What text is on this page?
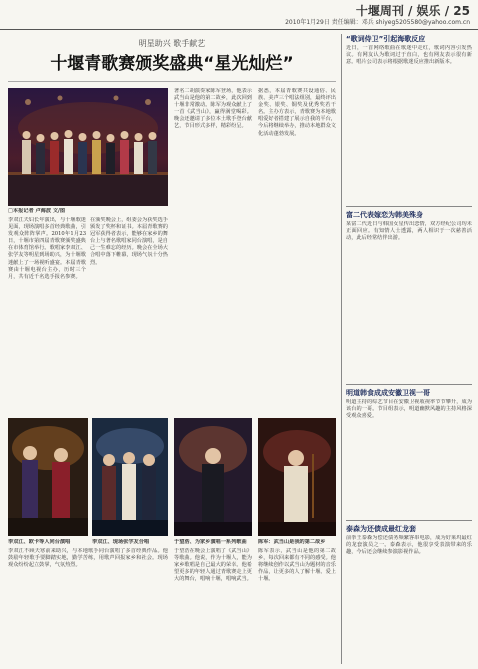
十堰周刊 / 娱乐 / 25
2010年1月29日 责任编辑：邓兵 shiyeg5205580@yahoo.com.cn
明星助兴 歌手献艺
十堰青歌赛颁奖盛典“星光灿烂”
□本报记者 卢海波 文/图
李双江夫妇长年演出，与十堰歌迷见面，现场演唱多首经典歌曲，引发观众阵阵掌声。2010年1月23日，十堰市第四届青歌赛颁奖盛典在市体育馆举行。歌唱家李双江、张学友等明星到场助兴，为十堰歌迷献上了一场视听盛宴。本届青歌赛由十堰电视台主办，历时三个月，共有近千名选手报名参赛。
在颁奖晚会上，组委会为获奖选手颁发了奖杯和证书。本届青歌赛的冠军获得者表示，能够在家乡的舞台上与著名歌唱家同台演唱，是自己一生难忘的经历。晚会在全场大合唱中落下帷幕，现场气氛十分热烈。
著名二胡演奏家陈军登场，他表示武当山是他的第二故乡，此次回到十堰非常激动。陈军为观众献上了一首《武当山》，赢得满堂喝彩。晚会还邀请了多位本土歌手登台献艺，节目形式多样，精彩纷呈。
据悉，本届青歌赛共设通俗、民族、美声三个唱法组别，最终评出金奖、银奖、铜奖及优秀奖若干名。主办方表示，青歌赛为本地歌唱爱好者搭建了展示自我的平台，今后将继续举办，推动本地群众文化活动蓬勃发展。
李双江、欧卡等人同台演唱	李双江、现场张学友合唱	于望浩、为家乡演唱一系列歌曲	陈军：武当山是我的第二故乡
李双江不顾天寒前来助兴，与本地歌手同台演唱了多首经典作品。他鼓励年轻歌手要脚踏实地，勤学苦练，用歌声回报家乡和社会。现场观众纷纷起立鼓掌，气氛热烈。
于望浩在晚会上演唱了《武当山》等歌曲。他说，作为十堰人，能为家乡歌唱是自己最大的荣幸。他希望更多的年轻人通过青歌赛走上更大的舞台，唱响十堰，唱响武当。
陈军表示，武当山是他的第二故乡，每次回来都有不同的感受。他将继续创作以武当山为题材的音乐作品，让更多的人了解十堰、爱上十堰。
“歌词侍卫”引起海歌反应
近日，一首网络歌曲在歌迷中走红，歌词内容引发热议。有网友认为歌词过于直白，也有网友表示很有新意。唱片公司表示将根据歌迷反应推出新版本。
富二代表嫁恋为韩美殊身
某富二代近日与韩国女星传出恋情，双方经纪公司均未正面回应。有知情人士透露，两人相识于一次慈善活动，此后经常结伴出游。
明道韩食成成安徽卫视一哥
明道主持的综艺节目在安徽卫视收视率节节攀升，成为该台的一哥。节目组表示，明道幽默风趣的主持风格深受观众喜爱。
泰森为还债成最红龙套
前拳王泰森为偿还债务频繁客串电影，成为好莱坞最红的龙套演员之一。泰森表示，他很享受表演带来的乐趣，今后还会继续参演影视作品。
